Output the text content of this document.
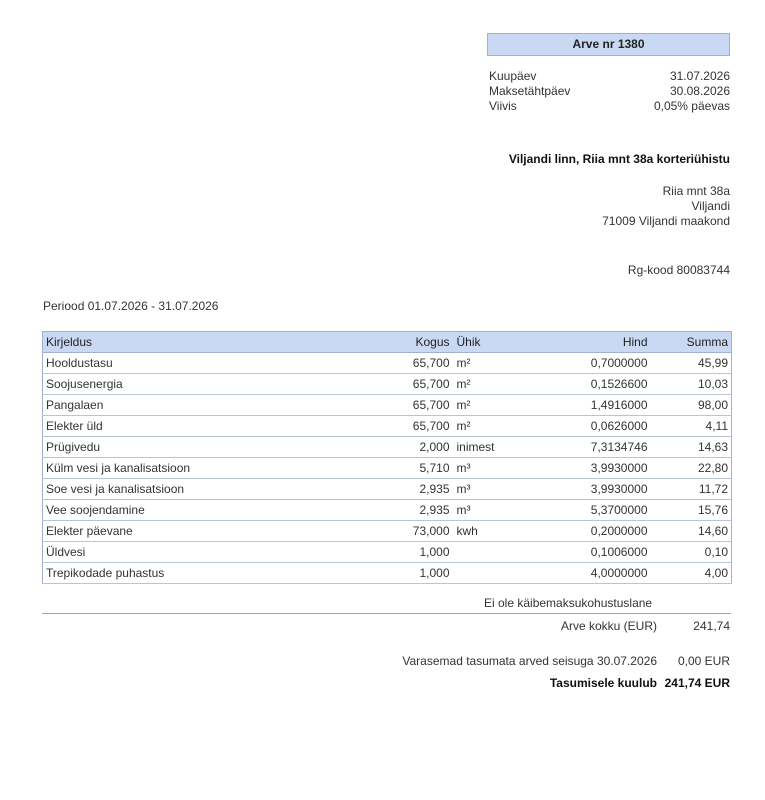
Arve nr 1380
Kuupäev	31.07.2026
Maksetähtpäev	30.08.2026
Viivis	0,05% päevas
Viljandi linn, Riia mnt 38a korteriühistu
Riia mnt 38a
Viljandi
71009 Viljandi maakond
Rg-kood 80083744
Periood 01.07.2026 - 31.07.2026
Kirjeldus	Kogus	Ühik	Hind	Summa
Hooldustasu	65,700	m²	0,7000000	45,99
Soojusenergia	65,700	m²	0,1526600	10,03
Pangalaen	65,700	m²	1,4916000	98,00
Elekter üld	65,700	m²	0,0626000	4,11
Prügivedu	2,000	inimest	7,3134746	14,63
Külm vesi ja kanalisatsioon	5,710	m³	3,9930000	22,80
Soe vesi ja kanalisatsioon	2,935	m³	3,9930000	11,72
Vee soojendamine	2,935	m³	5,3700000	15,76
Elekter päevane	73,000	kwh	0,2000000	14,60
Üldvesi	1,000		0,1006000	0,10
Trepikodade puhastus	1,000		4,0000000	4,00
Ei ole käibemaksukohustuslane
Arve kokku (EUR)	241,74
Varasemad tasumata arved seisuga 30.07.2026 0,00 EUR
Tasumisele kuulub 241,74 EUR
